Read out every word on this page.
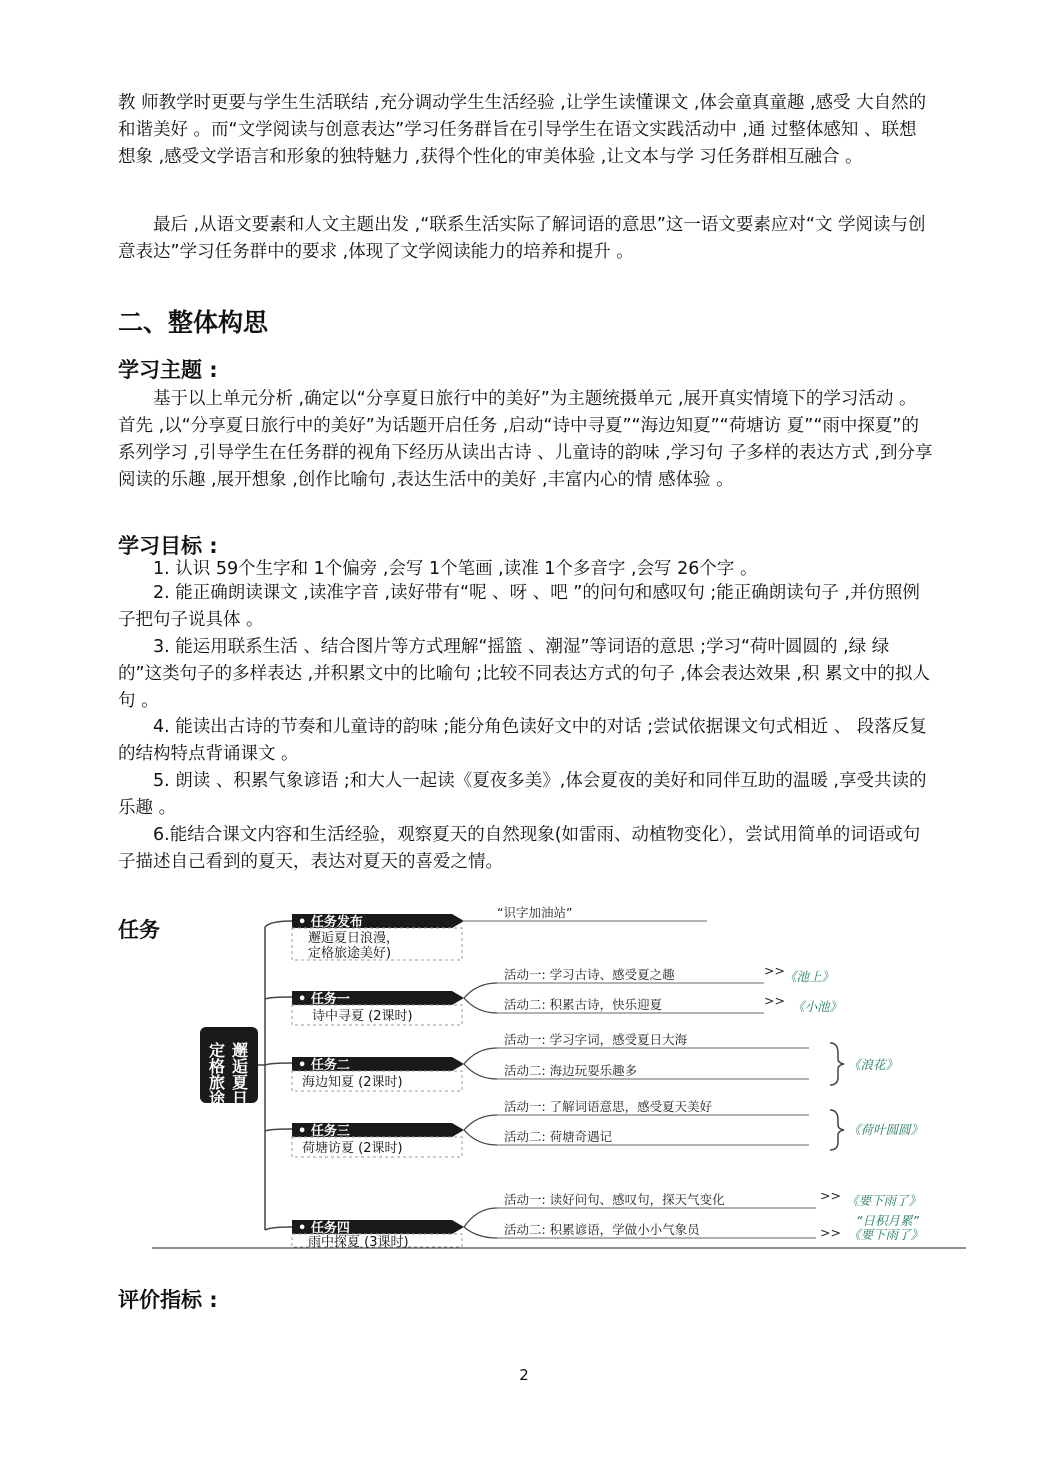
教 师教学时更要与学生生活联结 ,充分调动学生生活经验 ,让学生读懂课文 ,体会童真童趣 ,感受 大自然的和谐美好 。而“文学阅读与创意表达”学习任务群旨在引导学生在语文实践活动中 ,通 过整体感知 、联想想象 ,感受文学语言和形象的独特魅力 ,获得个性化的审美体验 ,让文本与学 习任务群相互融合 。

最后 ,从语文要素和人文主题出发 ,“联系生活实际了解词语的意思”这一语文要素应对“文 学阅读与创意表达”学习任务群中的要求 ,体现了文学阅读能力的培养和提升 。

二、整体构思
学习主题 :

基于以上单元分析 ,确定以“分享夏日旅行中的美好”为主题统摄单元 ,展开真实情境下的学习活动 。首先 ,以“分享夏日旅行中的美好”为话题开启任务 ,启动“诗中寻夏”“海边知夏”“荷塘访 夏”“雨中探夏”的系列学习 ,引导学生在任务群的视角下经历从读出古诗 、儿童诗的韵味 ,学习句 子多样的表达方式 ,到分享阅读的乐趣 ,展开想象 ,创作比喻句 ,表达生活中的美好 ,丰富内心的情 感体验 。

学习目标 :

1. 认识 59个生字和 1个偏旁 ,会写 1个笔画 ,读准 1个多音字 ,会写 26个字 。

2. 能正确朗读课文 ,读准字音 ,读好带有“呢 、呀 、吧 ”的问句和感叹句 ;能正确朗读句子 ,并仿照例子把句子说具体 。

3. 能运用联系生活 、结合图片等方式理解“摇篮 、潮湿”等词语的意思 ;学习“荷叶圆圆的 ,绿 绿的”这类句子的多样表达 ,并积累文中的比喻句 ;比较不同表达方式的句子 ,体会表达效果 ,积 累文中的拟人句 。

4. 能读出古诗的节奏和儿童诗的韵味 ;能分角色读好文中的对话 ;尝试依据课文句式相近 、 段落反复的结构特点背诵课文 。

5. 朗读 、积累气象谚语 ;和大人一起读《夏夜多美》,体会夏夜的美好和同伴互助的温暖 ,享受共读的乐趣 。

6.能结合课文内容和生活经验，观察夏天的自然现象(如雷雨、动植物变化），尝试用简单的词语或句子描述自己看到的夏天，表达对夏天的喜爱之情。

任务
邂逅夏日浪漫
定格旅途美好
• 任务发布
邂逅夏日浪漫，
定格旅途美好)
“识字加油站”
• 任务一
诗中寻夏 (2课时)
活动一: 学习古诗、感受夏之趣
活动二: 积累古诗，快乐迎夏
>>
>>
《池上》
《小池》
• 任务二
海边知夏 (2课时)
活动一: 学习字词，感受夏日大海
活动二: 海边玩耍乐趣多	《浪花》
• 任务三
荷塘访夏 (2课时)
活动一: 了解词语意思，感受夏天美好
活动二: 荷塘奇遇记	《荷叶圆圆》
• 任务四
雨中探夏 (3课时)
活动一: 读好问句、感叹句，探天气变化
活动二: 积累谚语，学做小小气象员
>>
>>
《要下雨了》
“日积月累”
《要下雨了》
评价指标 :
2
